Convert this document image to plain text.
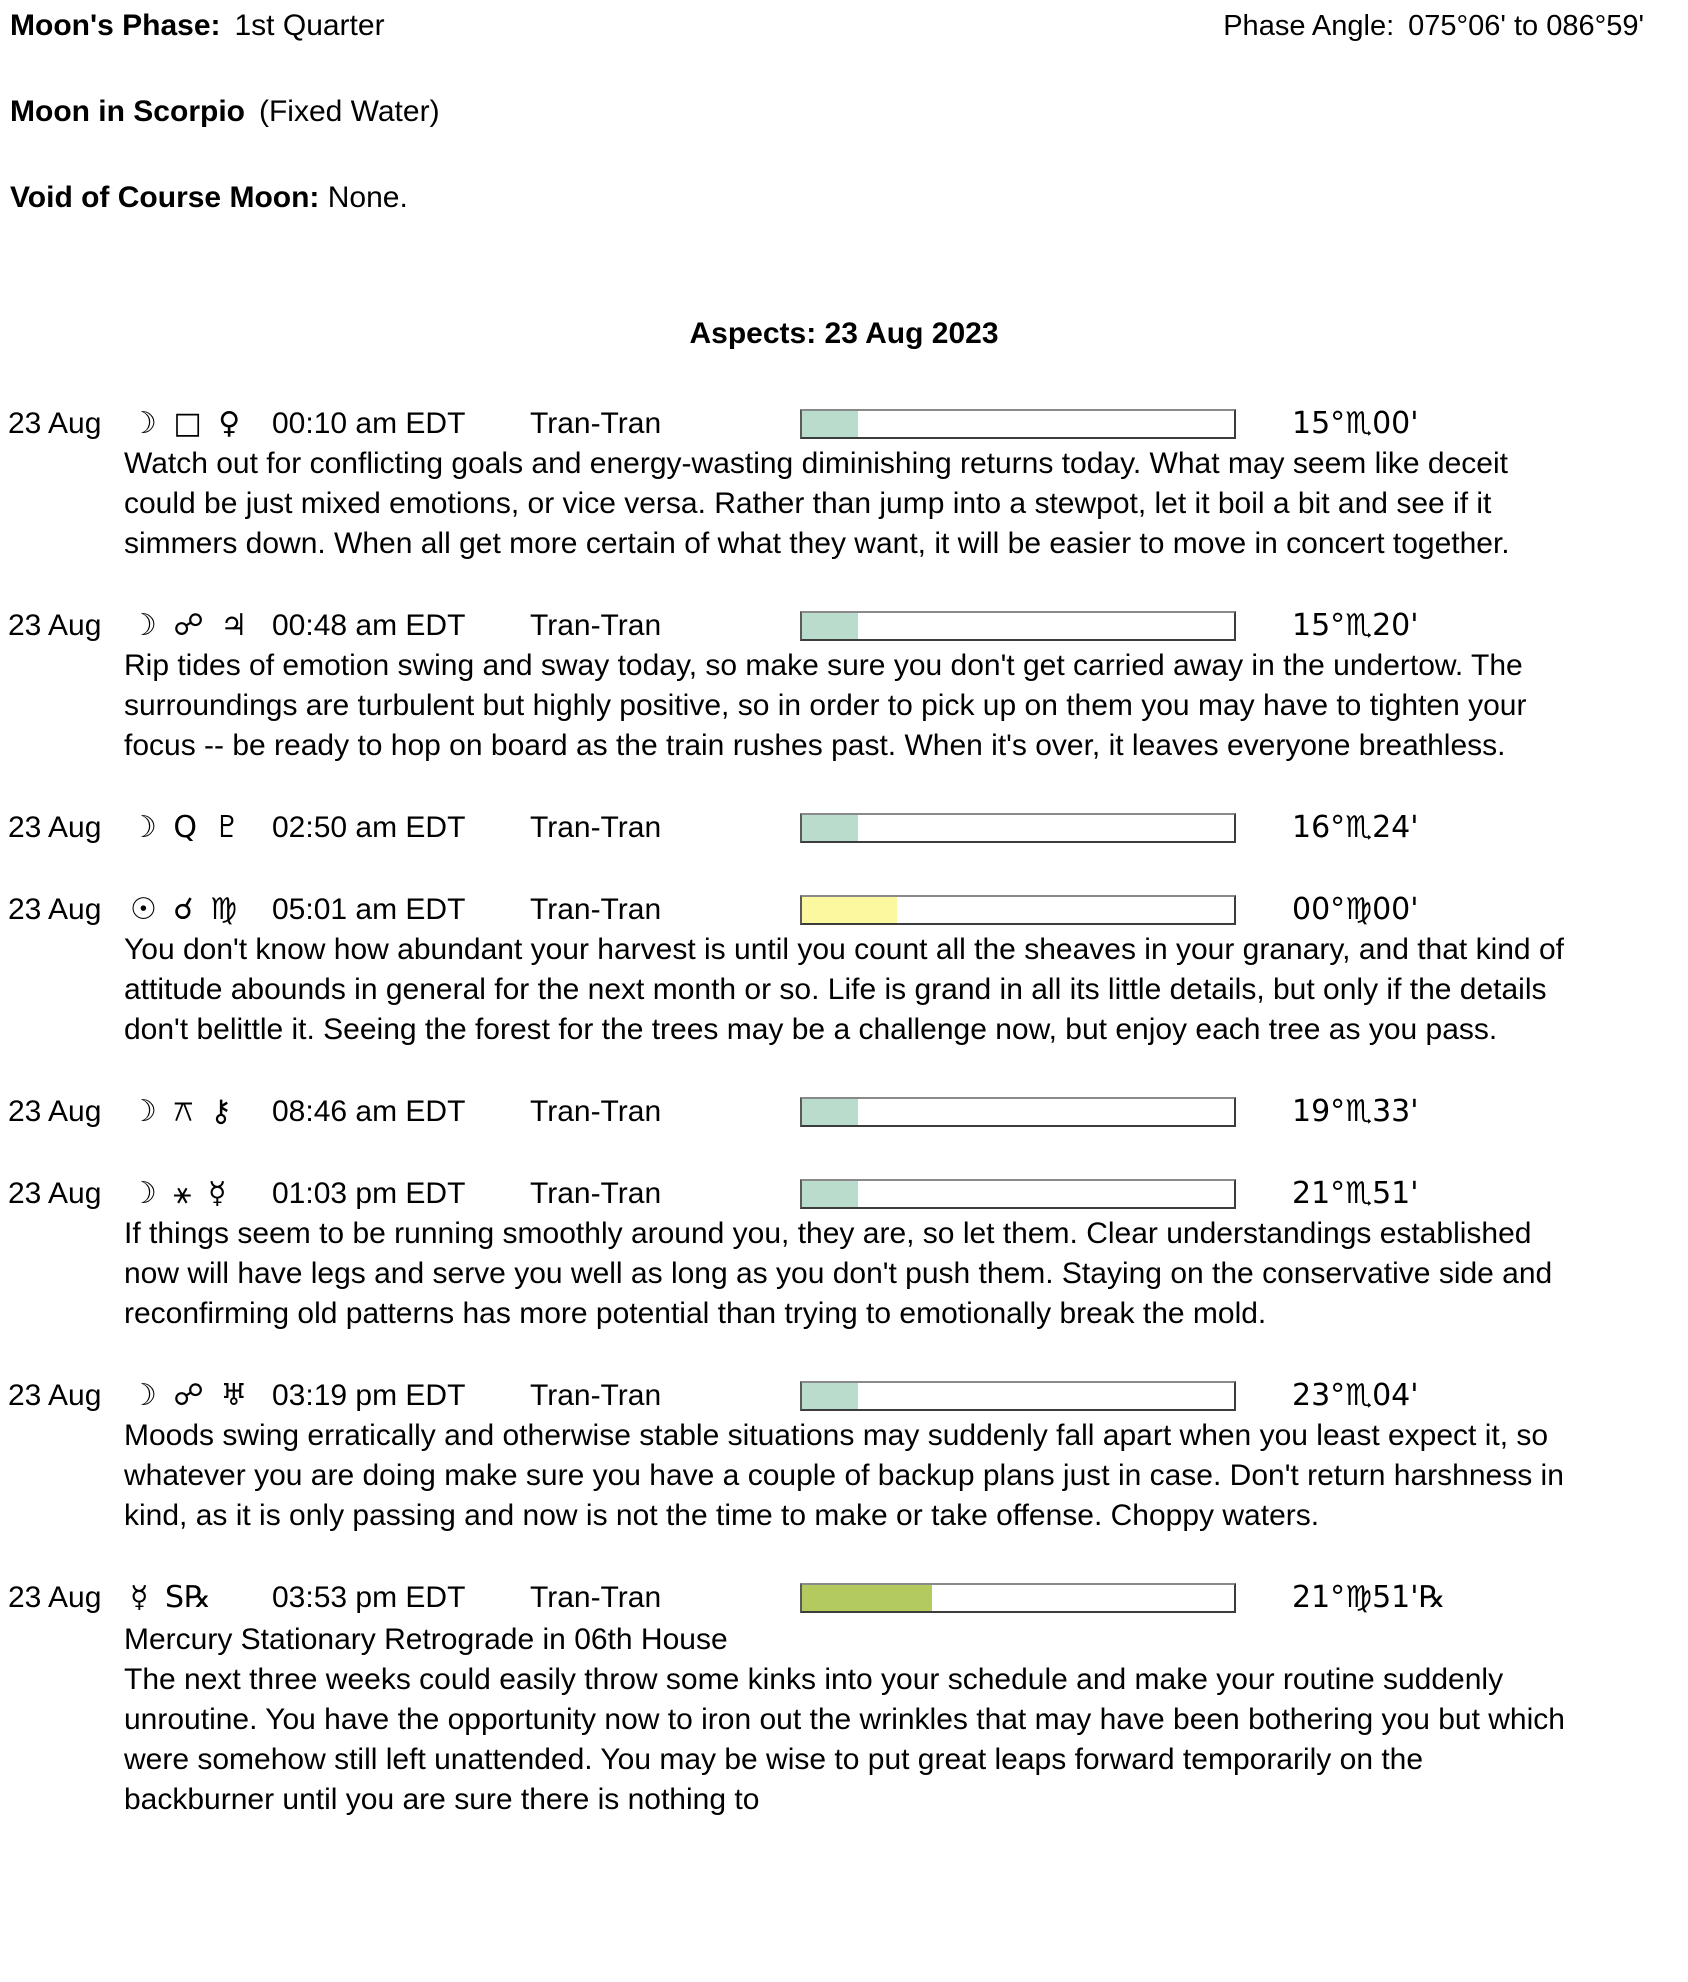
Moon's Phase: 1st Quarter	Phase Angle: 075°06' to 086°59'
Moon in Scorpio (Fixed Water)
Void of Course Moon: None.
Aspects: 23 Aug 2023
23 Aug ☽ □ ♀	00:10 am EDT	Tran-Tran	15°♏00'

Watch out for conflicting goals and energy-wasting diminishing returns today. What may seem like deceit could be just mixed emotions, or vice versa. Rather than jump into a stewpot, let it boil a bit and see if it simmers down. When all get more certain of what they want, it will be easier to move in concert together.

23 Aug ☽ ☍ ♃ 00:48 am EDT	Tran-Tran	15°♏20'

Rip tides of emotion swing and sway today, so make sure you don't get carried away in the undertow. The surroundings are turbulent but highly positive, so in order to pick up on them you may have to tighten your focus -- be ready to hop on board as the train rushes past. When it's over, it leaves everyone breathless.

23 Aug ☽ Q ♇	02:50 am EDT	Tran-Tran	16°♏24'
23 Aug ☉ ☌ ♍	05:01 am EDT	Tran-Tran	00°♍00'

You don't know how abundant your harvest is until you count all the sheaves in your granary, and that kind of attitude abounds in general for the next month or so. Life is grand in all its little details, but only if the details don't belittle it. Seeing the forest for the trees may be a challenge now, but enjoy each tree as you pass.

23 Aug ☽ ⚻ ⚷	08:46 am EDT	Tran-Tran	19°♏33'
23 Aug ☽ ⚹ ☿	01:03 pm EDT	Tran-Tran	21°♏51'

If things seem to be running smoothly around you, they are, so let them. Clear understandings established now will have legs and serve you well as long as you don't push them. Staying on the conservative side and reconfirming old patterns has more potential than trying to emotionally break the mold.

23 Aug ☽ ☍ ♅ 03:19 pm EDT	Tran-Tran	23°♏04'

Moods swing erratically and otherwise stable situations may suddenly fall apart when you least expect it, so whatever you are doing make sure you have a couple of backup plans just in case. Don't return harshness in kind, as it is only passing and now is not the time to make or take offense. Choppy waters.

23 Aug ☿ S℞	03:53 pm EDT	Tran-Tran	21°♍51'℞

Mercury Stationary Retrograde in 06th House

The next three weeks could easily throw some kinks into your schedule and make your routine suddenly unroutine. You have the opportunity now to iron out the wrinkles that may have been bothering you but which were somehow still left unattended. You may be wise to put great leaps forward temporarily on the backburner until you are sure there is nothing to
